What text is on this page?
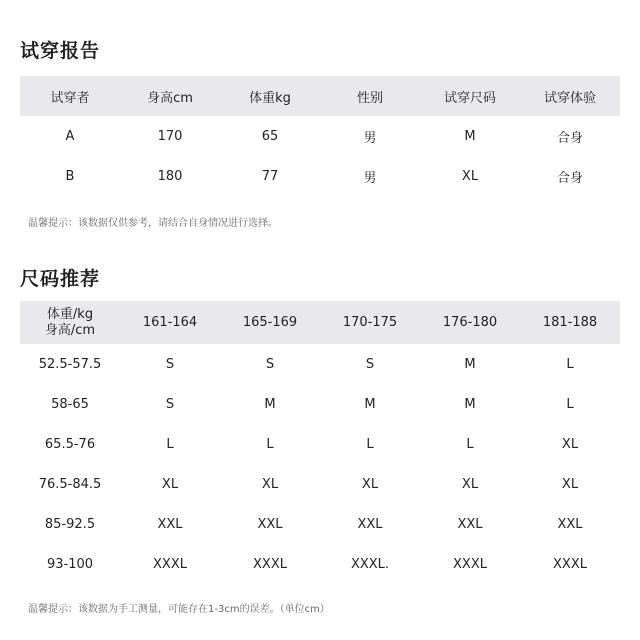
试穿报告
试穿者	身高cm	体重kg	性别	试穿尺码	试穿体验
A	170	65	男	M	合身
B	180	77	男	XL	合身

温馨提示：该数据仅供参考，请结合自身情况进行选择。

尺码推荐
体重/kg
身高/cm	161-164	165-169	170-175	176-180	181-188
52.5-57.5	S	S	S	M	L
58-65	S	M	M	M	L
65.5-76	L	L	L	L	XL
76.5-84.5	XL	XL	XL	XL	XL
85-92.5	XXL	XXL	XXL	XXL	XXL
93-100	XXXL	XXXL	XXXL.	XXXL	XXXL

温馨提示：该数据为手工测量，可能存在1-3cm的误差。（单位cm）
